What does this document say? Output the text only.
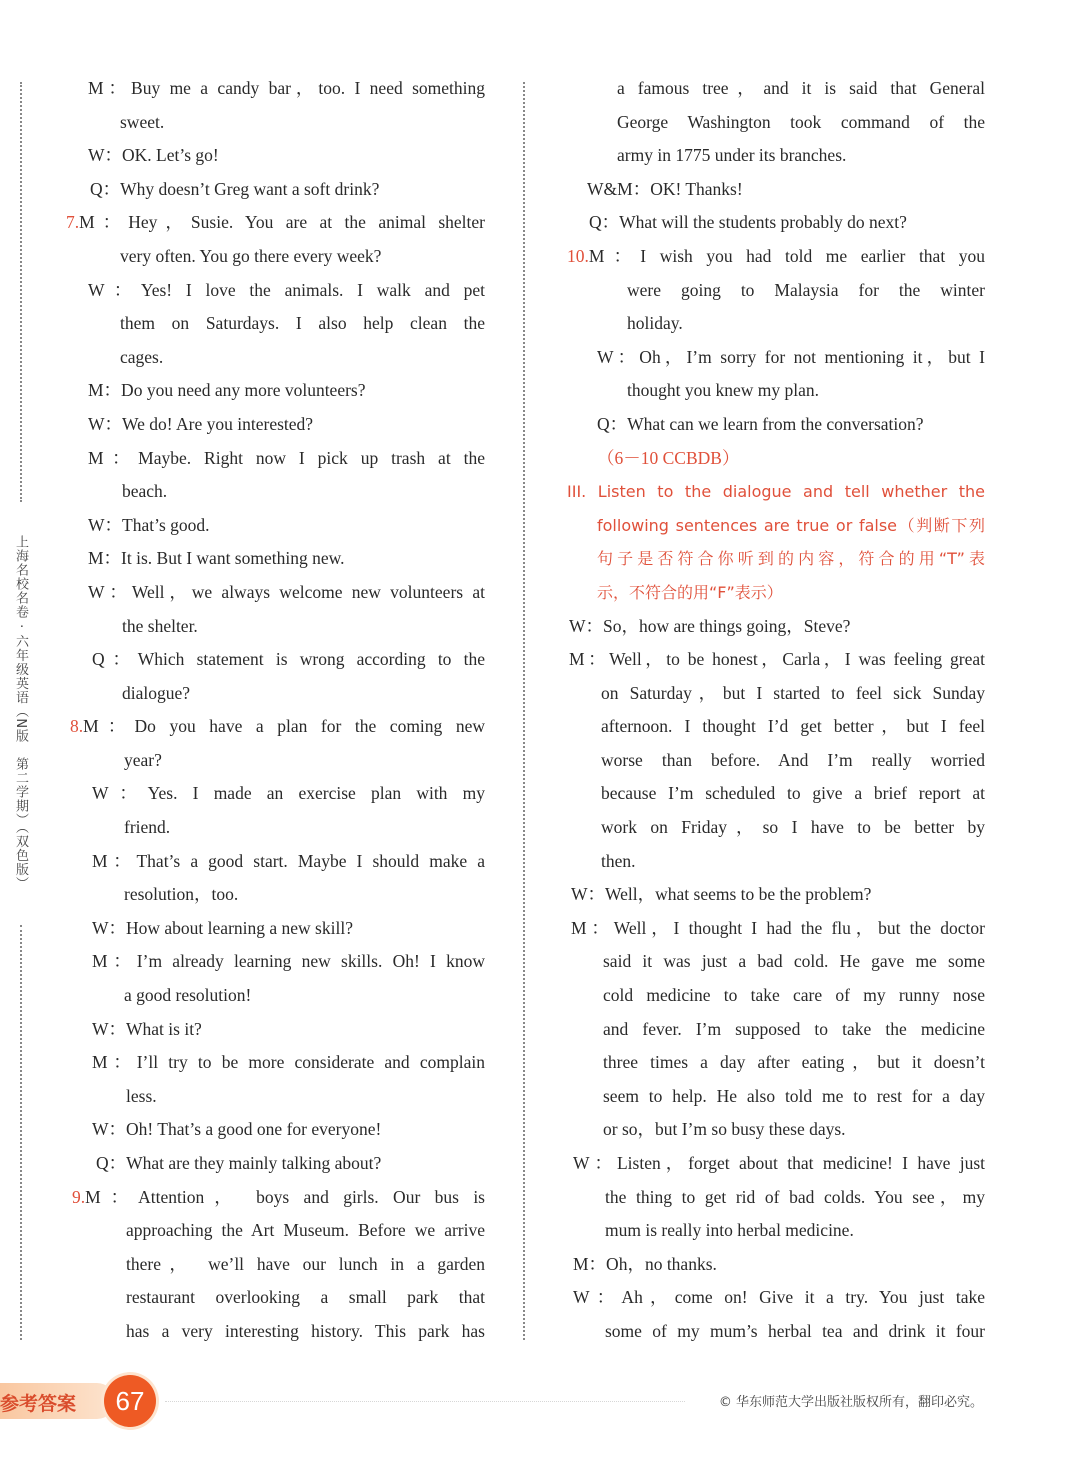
上海名校名卷 · 六年级英语（N版　第二学期）（双色版）
M：Buy me a candy bar，too. I need something
sweet.
W：OK. Let’s go!
Q：Why doesn’t Greg want a soft drink?
7.M：Hey，Susie. You are at the animal shelter
very often. You go there every week?
W：Yes! I love the animals. I walk and pet
them on Saturdays. I also help clean the
cages.
M：Do you need any more volunteers?
W：We do! Are you interested?
M：Maybe. Right now I pick up trash at the
beach.
W：That’s good.
M：It is. But I want something new.
W：Well，we always welcome new volunteers at
the shelter.
Q：Which statement is wrong according to the
dialogue?
8.M：Do you have a plan for the coming new
year?
W：Yes. I made an exercise plan with my
friend.
M：That’s a good start. Maybe I should make a
resolution，too.
W：How about learning a new skill?
M：I’m already learning new skills. Oh! I know
a good resolution!
W：What is it?
M：I’ll try to be more considerate and complain
less.
W：Oh! That’s a good one for everyone!
Q：What are they mainly talking about?
9.M：Attention， boys and girls. Our bus is
approaching the Art Museum. Before we arrive
there， we’ll have our lunch in a garden
restaurant overlooking a small park that
has a very interesting history. This park has
a famous tree，and it is said that General
George Washington took command of the
army in 1775 under its branches.
W&M：OK! Thanks!
Q：What will the students probably do next?
10.M：I wish you had told me earlier that you
were going to Malaysia for the winter
holiday.
W：Oh，I’m sorry for not mentioning it，but I
thought you knew my plan.
Q：What can we learn from the conversation?
（6－10 CCBDB）
III. Listen to the dialogue and tell whether the
following sentences are true or false（判断下列
句子是否符合你听到的内容，符合的用“T”表
示，不符合的用“F”表示）
W：So，how are things going，Steve?
M：Well，to be honest，Carla，I was feeling great
on Saturday，but I started to feel sick Sunday
afternoon. I thought I’d get better，but I feel
worse than before. And I’m really worried
because I’m scheduled to give a brief report at
work on Friday，so I have to be better by
then.
W：Well，what seems to be the problem?
M：Well，I thought I had the flu，but the doctor
said it was just a bad cold. He gave me some
cold medicine to take care of my runny nose
and fever. I’m supposed to take the medicine
three times a day after eating，but it doesn’t
seem to help. He also told me to rest for a day
or so，but I’m so busy these days.
W：Listen，forget about that medicine! I have just
the thing to get rid of bad colds. You see，my
mum is really into herbal medicine.
M：Oh，no thanks.
W：Ah，come on! Give it a try. You just take
some of my mum’s herbal tea and drink it four
参考答案	67	© 华东师范大学出版社版权所有，翻印必究。
